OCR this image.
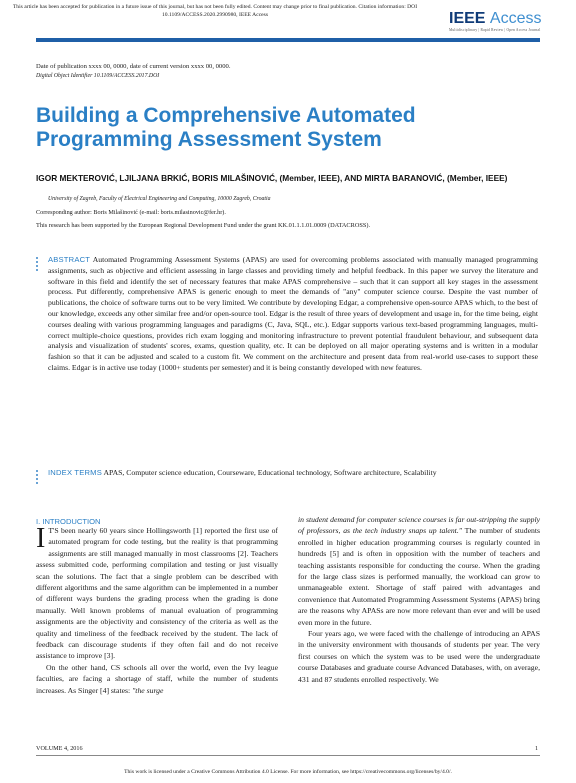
This article has been accepted for publication in a future issue of this journal, but has not been fully edited. Content may change prior to final publication. Citation information: DOI
10.1109/ACCESS.2020.2990980, IEEE Access	IEEE Access
Multidisciplinary | Rapid Review | Open Access Journal
Date of publication xxxx 00, 0000, date of current version xxxx 00, 0000.
Digital Object Identifier 10.1109/ACCESS.2017.DOI
Building a Comprehensive Automated Programming Assessment System
IGOR MEKTEROVIĆ, LJILJANA BRKIĆ, BORIS MILAŠINOVIĆ, (Member, IEEE), AND MIRTA BARANOVIĆ, (Member, IEEE)
University of Zagreb, Faculty of Electrical Engineering and Computing, 10000 Zagreb, Croatia
Corresponding author: Boris Milašinović (e-mail: boris.milasinovic@fer.hr).
This research has been supported by the European Regional Development Fund under the grant KK.01.1.1.01.0009 (DATACROSS).

ABSTRACT Automated Programming Assessment Systems (APAS) are used for overcoming problems associated with manually managed programming assignments, such as objective and efficient assessing in large classes and providing timely and helpful feedback. In this paper we survey the literature and software in this field and identify the set of necessary features that make APAS comprehensive – such that it can support all key stages in the assessment process. Put differently, comprehensive APAS is generic enough to meet the demands of "any" computer science course. Despite the vast number of publications, the choice of software turns out to be very limited. We contribute by developing Edgar, a comprehensive open-source APAS which, to the best of our knowledge, exceeds any other similar free and/or open-source tool. Edgar is the result of three years of development and usage in, for the time being, eight courses dealing with various programming languages and paradigms (C, Java, SQL, etc.). Edgar supports various text-based programming languages, multi-correct multiple-choice questions, provides rich exam logging and monitoring infrastructure to prevent potential fraudulent behaviour, and subsequent data analysis and visualization of students' scores, exams, question quality, etc. It can be deployed on all major operating systems and is written in a modular fashion so that it can be adjusted and scaled to a custom fit. We comment on the architecture and present data from real-world use-cases to support these claims. Edgar is in active use today (1000+ students per semester) and it is being constantly developed with new features.

INDEX TERMS APAS, Computer science education, Courseware, Educational technology, Software architecture, Scalability

I. INTRODUCTION

I T'S been nearly 60 years since Hollingsworth [1] reported the first use of automated program for code testing, but the reality is that programming assignments are still managed manually in most classrooms [2]. Teachers assess submitted code, performing compilation and testing or just visually scan the solutions. The fact that a single problem can be described with different algorithms and the same algorithm can be implemented in a number of different ways burdens the grading process when the grading is done manually. Well known problems of manual evaluation of programming assignments are the objectivity and consistency of the criteria as well as the quality and timeliness of the feedback received by the student. The lack of feedback can discourage students if they often fail and do not receive assistance to improve [3].

On the other hand, CS schools all over the world, even the Ivy league faculties, are facing a shortage of staff, while the number of students increases. As Singer [4] states: "the surge

in student demand for computer science courses is far out-stripping the supply of professors, as the tech industry snaps up talent." The number of students enrolled in higher education programming courses is regularly counted in hundreds [5] and is often in opposition with the number of teachers and teaching assistants responsible for conducting the course. When the grading for the large class sizes is performed manually, the workload can grow to unmanageable extent. Shortage of staff paired with advantages and convenience that Automated Programming Assessment Systems (APAS) bring are the reasons why APASs are now more relevant than ever and will be used even more in the future.

Four years ago, we were faced with the challenge of introducing an APAS in the university environment with thousands of students per year. The very first courses on which the system was to be used were the undergraduate course Databases and graduate course Advanced Databases, with, on average, 431 and 87 students enrolled respectively. We

VOLUME 4, 2016	1
This work is licensed under a Creative Commons Attribution 4.0 License. For more information, see https://creativecommons.org/licenses/by/4.0/.
